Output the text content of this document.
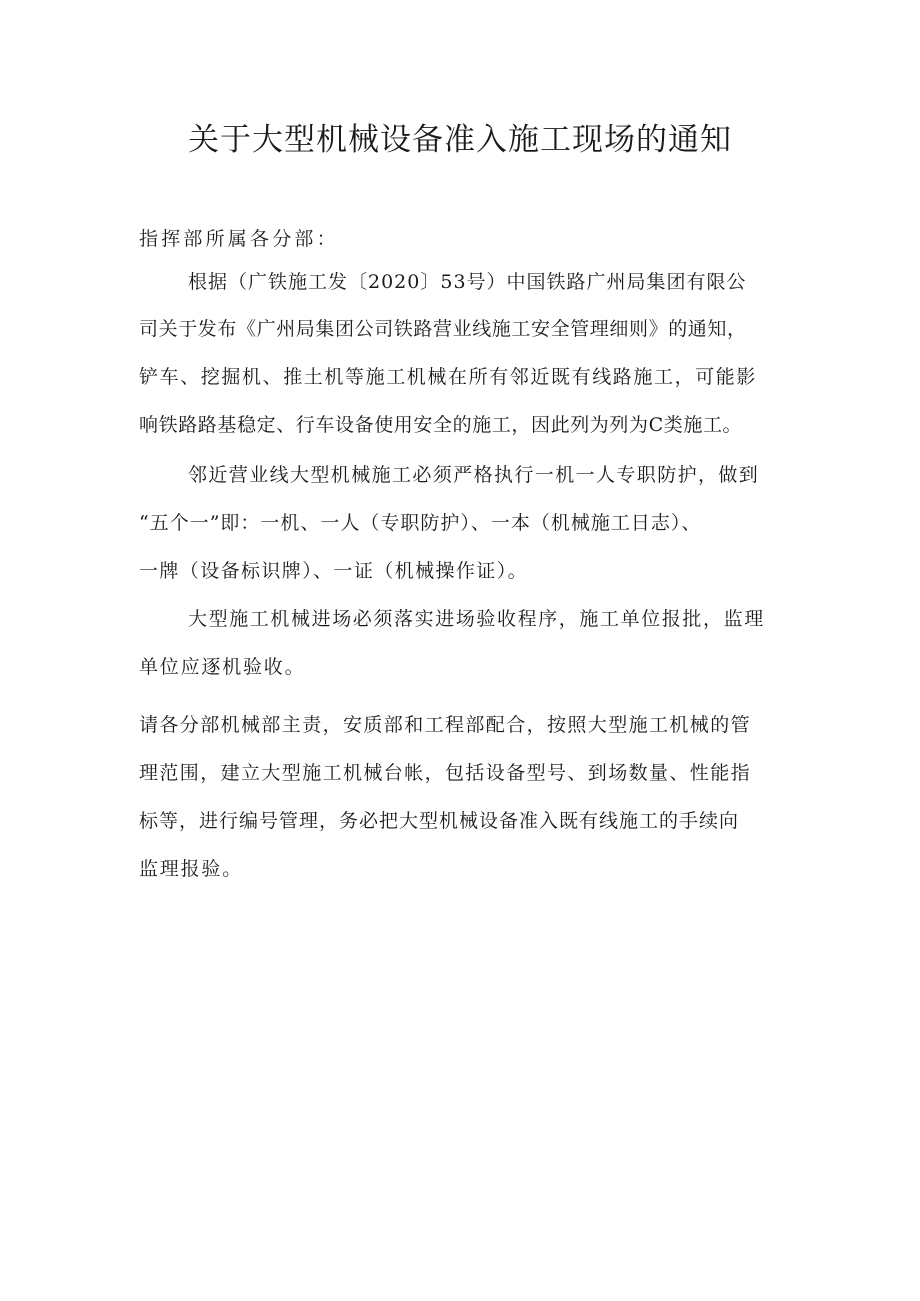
关于大型机械设备准入施工现场的通知

指挥部所属各分部：

根据（广铁施工发〔2020〕53号）中国铁路广州局集团有限公

司关于发布《广州局集团公司铁路营业线施工安全管理细则》的通知，

铲车、挖掘机、推土机等施工机械在所有邻近既有线路施工，可能影

响铁路路基稳定、行车设备使用安全的施工，因此列为列为C类施工。

邻近营业线大型机械施工必须严格执行一机一人专职防护，做到

“五个一”即：一机、一人（专职防护）、一本（机械施工日志）、

一牌（设备标识牌）、一证（机械操作证）。

大型施工机械进场必须落实进场验收程序，施工单位报批，监理

单位应逐机验收。

请各分部机械部主责，安质部和工程部配合，按照大型施工机械的管

理范围，建立大型施工机械台帐，包括设备型号、到场数量、性能指

标等，进行编号管理，务必把大型机械设备准入既有线施工的手续向

监理报验。
